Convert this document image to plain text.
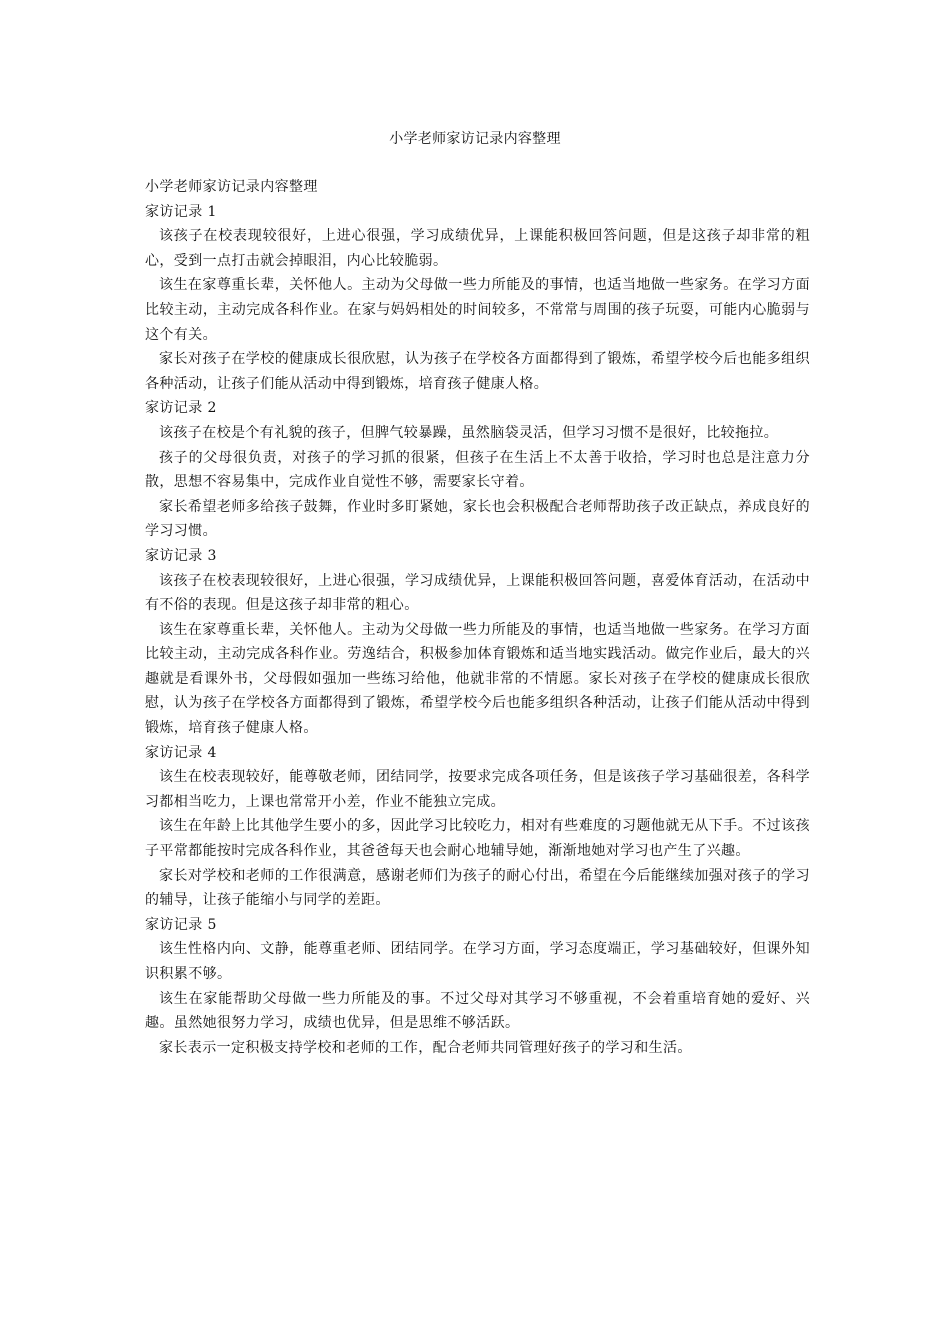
小学老师家访记录内容整理

小学老师家访记录内容整理

家访记录 1

该孩子在校表现较很好，上进心很强，学习成绩优异，上课能积极回答问题，但是这孩子却非常的粗心，受到一点打击就会掉眼泪，内心比较脆弱。

该生在家尊重长辈，关怀他人。主动为父母做一些力所能及的事情，也适当地做一些家务。在学习方面比较主动，主动完成各科作业。在家与妈妈相处的时间较多，不常常与周围的孩子玩耍，可能内心脆弱与这个有关。

家长对孩子在学校的健康成长很欣慰，认为孩子在学校各方面都得到了锻炼，希望学校今后也能多组织各种活动，让孩子们能从活动中得到锻炼，培育孩子健康人格。

家访记录 2

该孩子在校是个有礼貌的孩子，但脾气较暴躁，虽然脑袋灵活，但学习习惯不是很好，比较拖拉。

孩子的父母很负责，对孩子的学习抓的很紧，但孩子在生活上不太善于收拾，学习时也总是注意力分散，思想不容易集中，完成作业自觉性不够，需要家长守着。

家长希望老师多给孩子鼓舞，作业时多盯紧她，家长也会积极配合老师帮助孩子改正缺点，养成良好的学习习惯。

家访记录 3

该孩子在校表现较很好，上进心很强，学习成绩优异，上课能积极回答问题，喜爱体育活动，在活动中有不俗的表现。但是这孩子却非常的粗心。

该生在家尊重长辈，关怀他人。主动为父母做一些力所能及的事情，也适当地做一些家务。在学习方面比较主动，主动完成各科作业。劳逸结合，积极参加体育锻炼和适当地实践活动。做完作业后，最大的兴趣就是看课外书，父母假如强加一些练习给他，他就非常的不情愿。家长对孩子在学校的健康成长很欣慰，认为孩子在学校各方面都得到了锻炼，希望学校今后也能多组织各种活动，让孩子们能从活动中得到锻炼，培育孩子健康人格。

家访记录 4

该生在校表现较好，能尊敬老师，团结同学，按要求完成各项任务，但是该孩子学习基础很差，各科学习都相当吃力，上课也常常开小差，作业不能独立完成。

该生在年龄上比其他学生要小的多，因此学习比较吃力，相对有些难度的习题他就无从下手。不过该孩子平常都能按时完成各科作业，其爸爸每天也会耐心地辅导她，渐渐地她对学习也产生了兴趣。

家长对学校和老师的工作很满意，感谢老师们为孩子的耐心付出，希望在今后能继续加强对孩子的学习的辅导，让孩子能缩小与同学的差距。

家访记录 5

该生性格内向、文静，能尊重老师、团结同学。在学习方面，学习态度端正，学习基础较好，但课外知识积累不够。

该生在家能帮助父母做一些力所能及的事。不过父母对其学习不够重视，不会着重培育她的爱好、兴趣。虽然她很努力学习，成绩也优异，但是思维不够活跃。

家长表示一定积极支持学校和老师的工作，配合老师共同管理好孩子的学习和生活。
